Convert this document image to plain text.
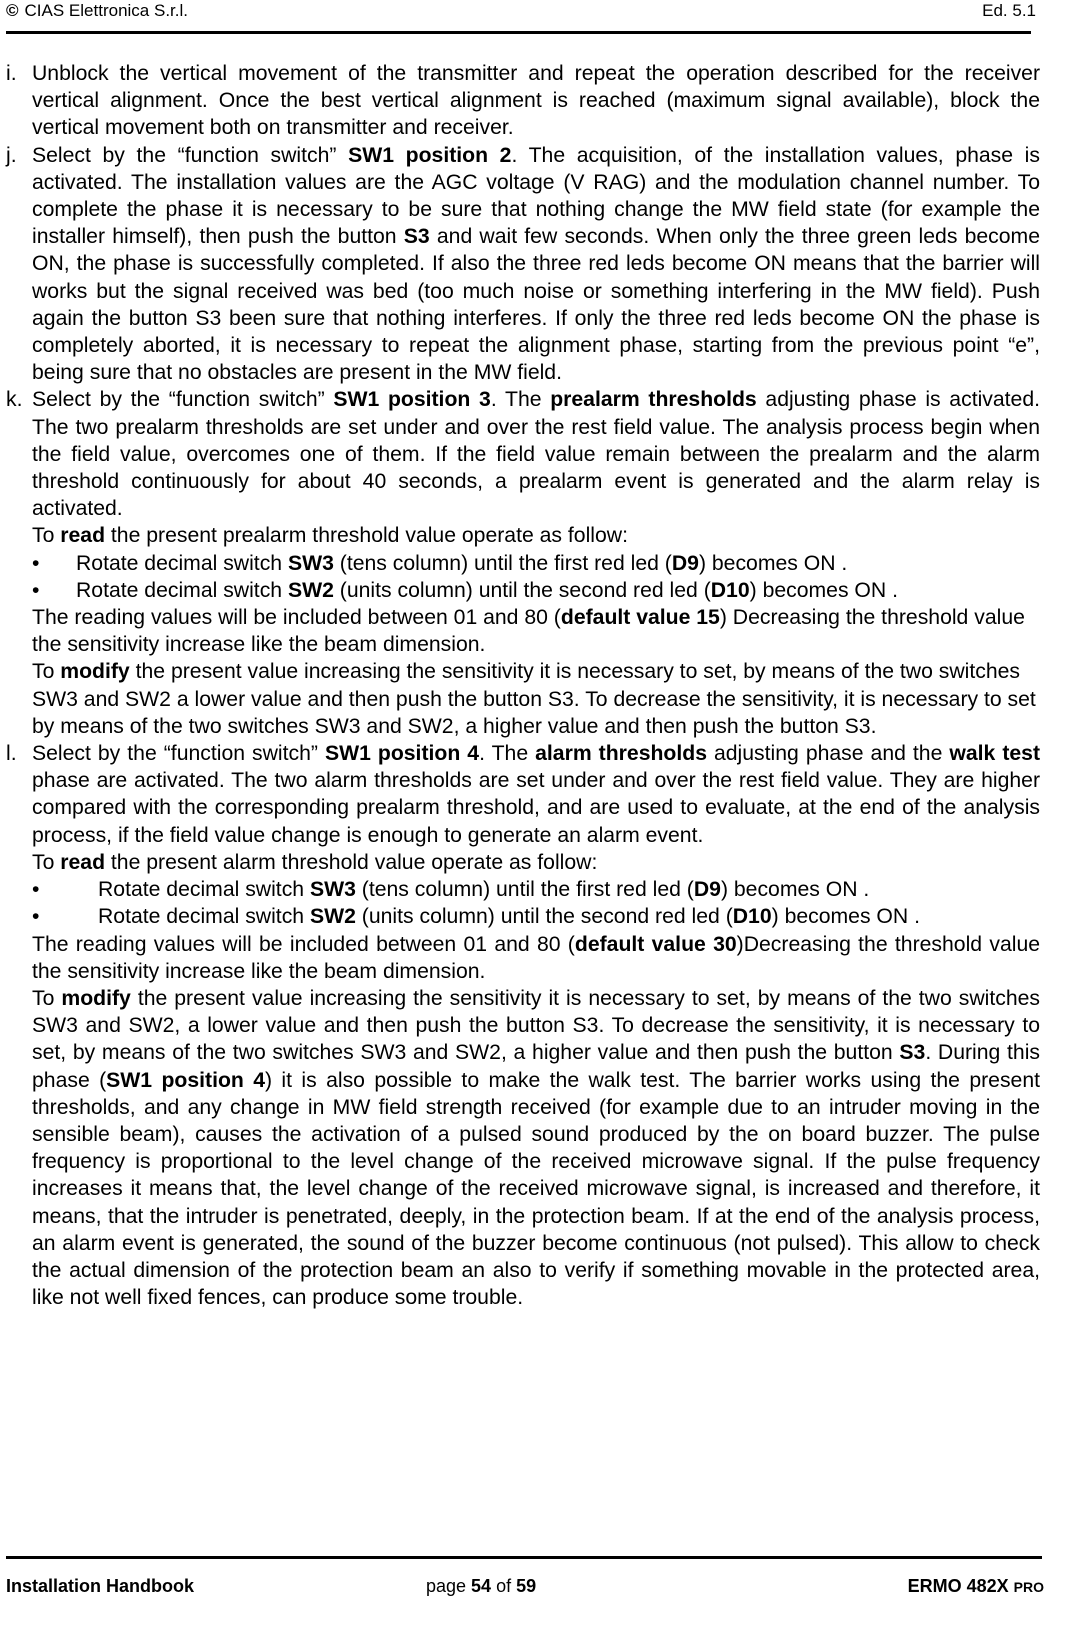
© CIAS Elettronica S.r.l.	Ed. 5.1
i. Unblock the vertical movement of the transmitter and repeat the operation described for the receiver vertical alignment. Once the best vertical alignment is reached (maximum signal available), block the vertical movement both on transmitter and receiver.
j. Select by the “function switch” SW1 position 2. The acquisition, of the installation values, phase is activated. The installation values are the AGC voltage (V RAG) and the modulation channel number. To complete the phase it is necessary to be sure that nothing change the MW field state (for example the installer himself), then push the button S3 and wait few seconds. When only the three green leds become ON, the phase is successfully completed. If also the three red leds become ON means that the barrier will works but the signal received was bed (too much noise or something interfering in the MW field). Push again the button S3 been sure that nothing interferes. If only the three red leds become ON the phase is completely aborted, it is necessary to repeat the alignment phase, starting from the previous point “e”, being sure that no obstacles are present in the MW field.
k. Select by the “function switch” SW1 position 3. The prealarm thresholds adjusting phase is activated. The two prealarm thresholds are set under and over the rest field value. The analysis process begin when the field value, overcomes one of them. If the field value remain between the prealarm and the alarm threshold continuously for about 40 seconds, a prealarm event is generated and the alarm relay is activated.
To read the present prealarm threshold value operate as follow:
• Rotate decimal switch SW3 (tens column) until the first red led (D9) becomes ON .
• Rotate decimal switch SW2 (units column) until the second red led (D10) becomes ON .
The reading values will be included between 01 and 80 (default value 15) Decreasing the threshold value the sensitivity increase like the beam dimension.
To modify the present value increasing the sensitivity it is necessary to set, by means of the two switches SW3 and SW2 a lower value and then push the button S3. To decrease the sensitivity, it is necessary to set by means of the two switches SW3 and SW2, a higher value and then push the button S3.
l. Select by the “function switch” SW1 position 4. The alarm thresholds adjusting phase and the walk test phase are activated. The two alarm thresholds are set under and over the rest field value. They are higher compared with the corresponding prealarm threshold, and are used to evaluate, at the end of the analysis process, if the field value change is enough to generate an alarm event.
To read the present alarm threshold value operate as follow:
•	Rotate decimal switch SW3 (tens column) until the first red led (D9) becomes ON .
•	Rotate decimal switch SW2 (units column) until the second red led (D10) becomes ON .
The reading values will be included between 01 and 80 (default value 30)Decreasing the threshold value the sensitivity increase like the beam dimension.
To modify the present value increasing the sensitivity it is necessary to set, by means of the two switches SW3 and SW2, a lower value and then push the button S3. To decrease the sensitivity, it is necessary to set, by means of the two switches SW3 and SW2, a higher value and then push the button S3. During this phase (SW1 position 4) it is also possible to make the walk test. The barrier works using the present thresholds, and any change in MW field strength received (for example due to an intruder moving in the sensible beam), causes the activation of a pulsed sound produced by the on board buzzer. The pulse frequency is proportional to the level change of the received microwave signal. If the pulse frequency increases it means that, the level change of the received microwave signal, is increased and therefore, it means, that the intruder is penetrated, deeply, in the protection beam. If at the end of the analysis process, an alarm event is generated, the sound of the buzzer become continuous (not pulsed). This allow to check the actual dimension of the protection beam an also to verify if something movable in the protected area, like not well fixed fences, can produce some trouble.
Installation Handbook	page 54 of 59	ERMO 482X PRO
